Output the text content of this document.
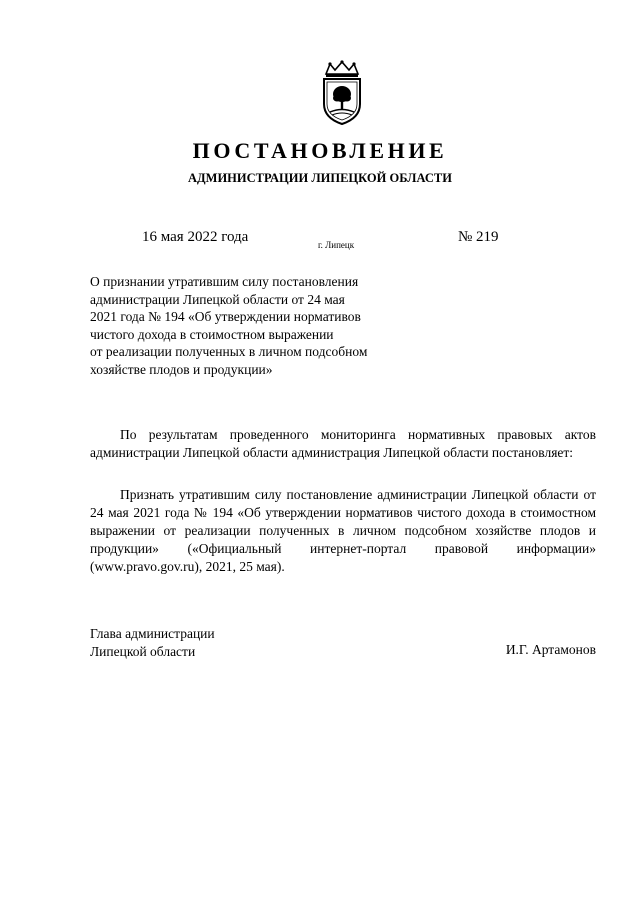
ПОСТАНОВЛЕНИЕ
АДМИНИСТРАЦИИ ЛИПЕЦКОЙ ОБЛАСТИ
16 мая 2022 года	г. Липецк	№ 219
О признании утратившим силу постановления
администрации Липецкой области от 24 мая
2021 года № 194 «Об утверждении нормативов
чистого дохода в стоимостном выражении
от реализации полученных в личном подсобном
хозяйстве плодов и продукции»

По результатам проведенного мониторинга нормативных правовых актов администрации Липецкой области администрация Липецкой области постановляет:

Признать утратившим силу постановление администрации Липецкой области от 24 мая 2021 года № 194 «Об утверждении нормативов чистого дохода в стоимостном выражении от реализации полученных в личном подсобном хозяйстве плодов и продукции» («Официальный интернет-портал правовой информации» (www.pravo.gov.ru), 2021, 25 мая).

Глава администрации
Липецкой области	И.Г. Артамонов
